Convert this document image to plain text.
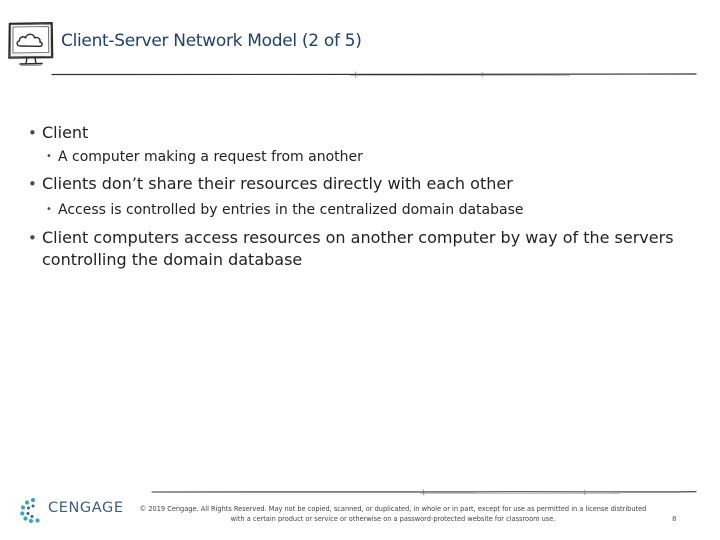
Client-Server Network Model (2 of 5)
• Client
• A computer making a request from another
• Clients don’t share their resources directly with each other
• Access is controlled by entries in the centralized domain database
• Client computers access resources on another computer by way of the servers controlling the domain database
CENGAGE	© 2019 Cengage. All Rights Reserved. May not be copied, scanned, or duplicated, in whole or in part, except for use as permitted in a license distributed with a certain product or service or otherwise on a password-protected website for classroom use.	8
